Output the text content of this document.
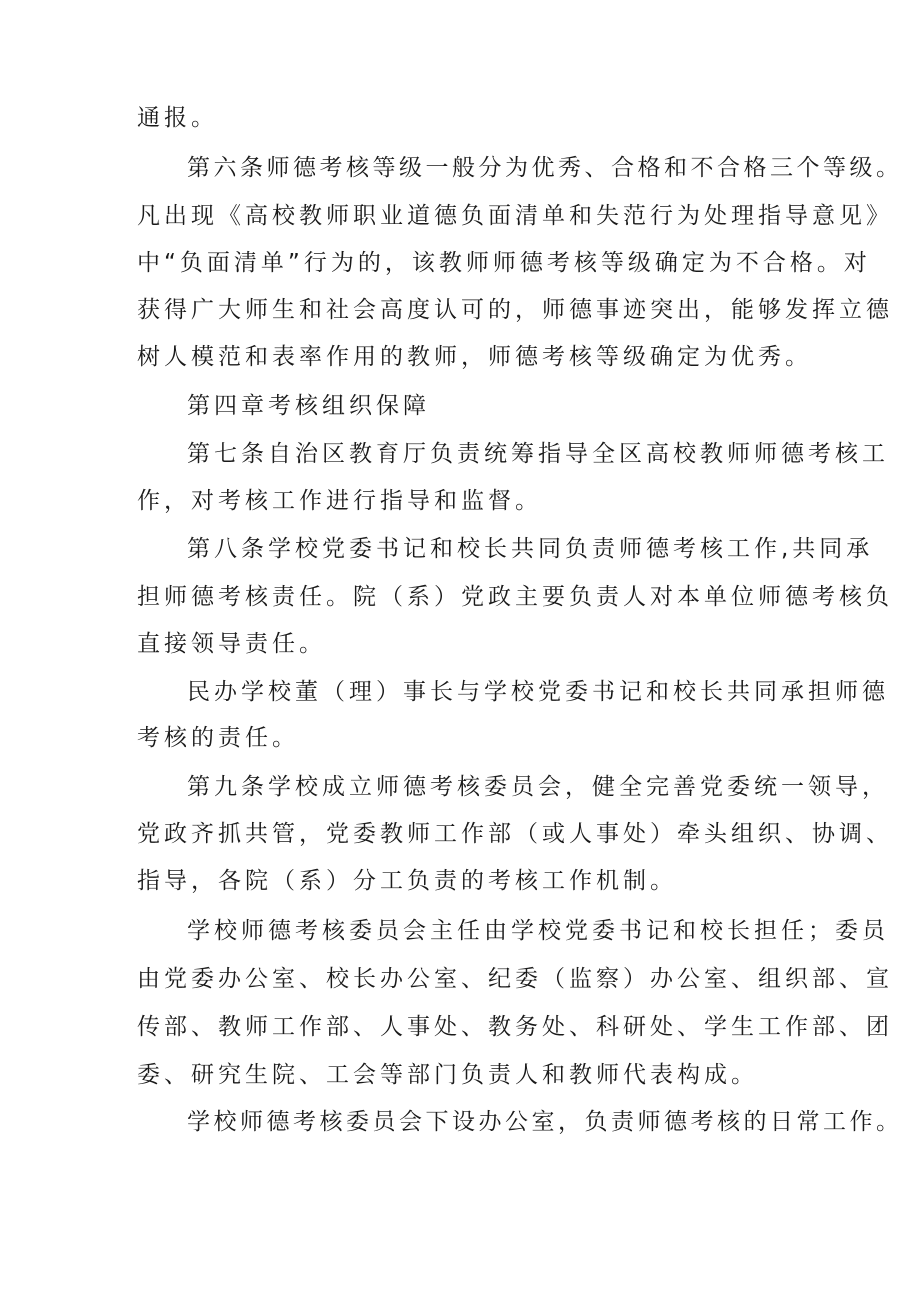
通报。
第六条师德考核等级一般分为优秀、合格和不合格三个等级。
凡出现《高校教师职业道德负面清单和失范行为处理指导意见》
中“负面清单”行为的，该教师师德考核等级确定为不合格。对
获得广大师生和社会高度认可的，师德事迹突出，能够发挥立德
树人模范和表率作用的教师，师德考核等级确定为优秀。
第四章考核组织保障
第七条自治区教育厅负责统筹指导全区高校教师师德考核工
作，对考核工作进行指导和监督。
第八条学校党委书记和校长共同负责师德考核工作,共同承
担师德考核责任。院（系）党政主要负责人对本单位师德考核负
直接领导责任。
民办学校董（理）事长与学校党委书记和校长共同承担师德
考核的责任。
第九条学校成立师德考核委员会，健全完善党委统一领导，
党政齐抓共管，党委教师工作部（或人事处）牵头组织、协调、
指导，各院（系）分工负责的考核工作机制。
学校师德考核委员会主任由学校党委书记和校长担任；委员
由党委办公室、校长办公室、纪委（监察）办公室、组织部、宣
传部、教师工作部、人事处、教务处、科研处、学生工作部、团
委、研究生院、工会等部门负责人和教师代表构成。
学校师德考核委员会下设办公室，负责师德考核的日常工作。
